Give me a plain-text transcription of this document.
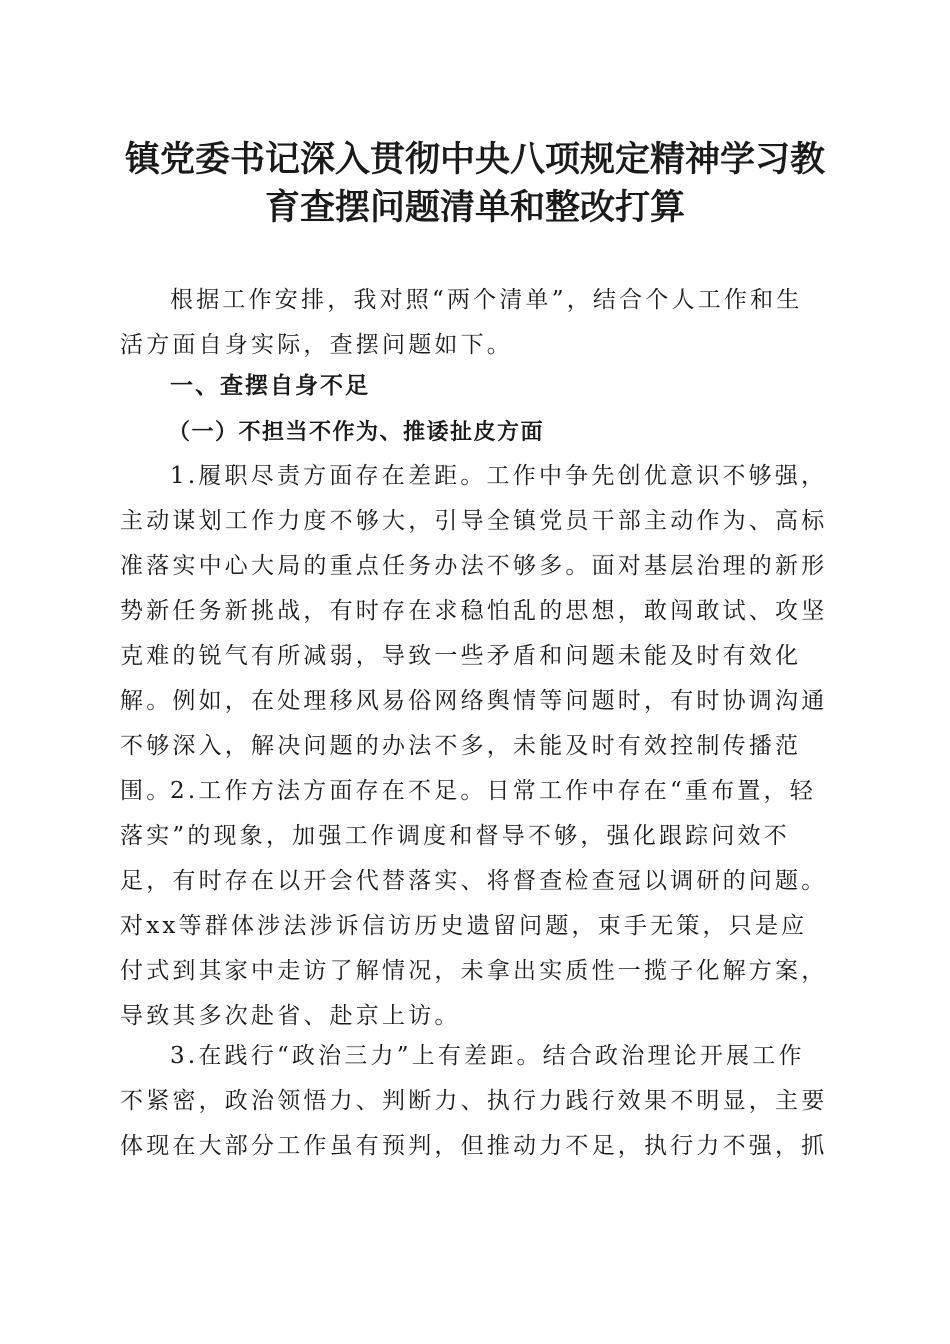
镇党委书记深入贯彻中央八项规定精神学习教
育查摆问题清单和整改打算

根据工作安排，我对照“两个清单”，结合个人工作和生活方面自身实际，查摆问题如下。

一、查摆自身不足
（一）不担当不作为、推诿扯皮方面

1.履职尽责方面存在差距。工作中争先创优意识不够强，主动谋划工作力度不够大，引导全镇党员干部主动作为、高标准落实中心大局的重点任务办法不够多。面对基层治理的新形势新任务新挑战，有时存在求稳怕乱的思想，敢闯敢试、攻坚克难的锐气有所减弱，导致一些矛盾和问题未能及时有效化解。例如，在处理移风易俗网络舆情等问题时，有时协调沟通不够深入，解决问题的办法不多，未能及时有效控制传播范围。

2.工作方法方面存在不足。日常工作中存在“重布置，轻落实”的现象，加强工作调度和督导不够，强化跟踪问效不足，有时存在以开会代替落实、将督查检查冠以调研的问题。对xx等群体涉法涉诉信访历史遗留问题，束手无策，只是应付式到其家中走访了解情况，未拿出实质性一揽子化解方案，导致其多次赴省、赴京上访。

3.在践行“政治三力”上有差距。结合政治理论开展工作不紧密，政治领悟力、判断力、执行力践行效果不明显，主要体现在大部分工作虽有预判，但推动力不足，执行力不强，抓
